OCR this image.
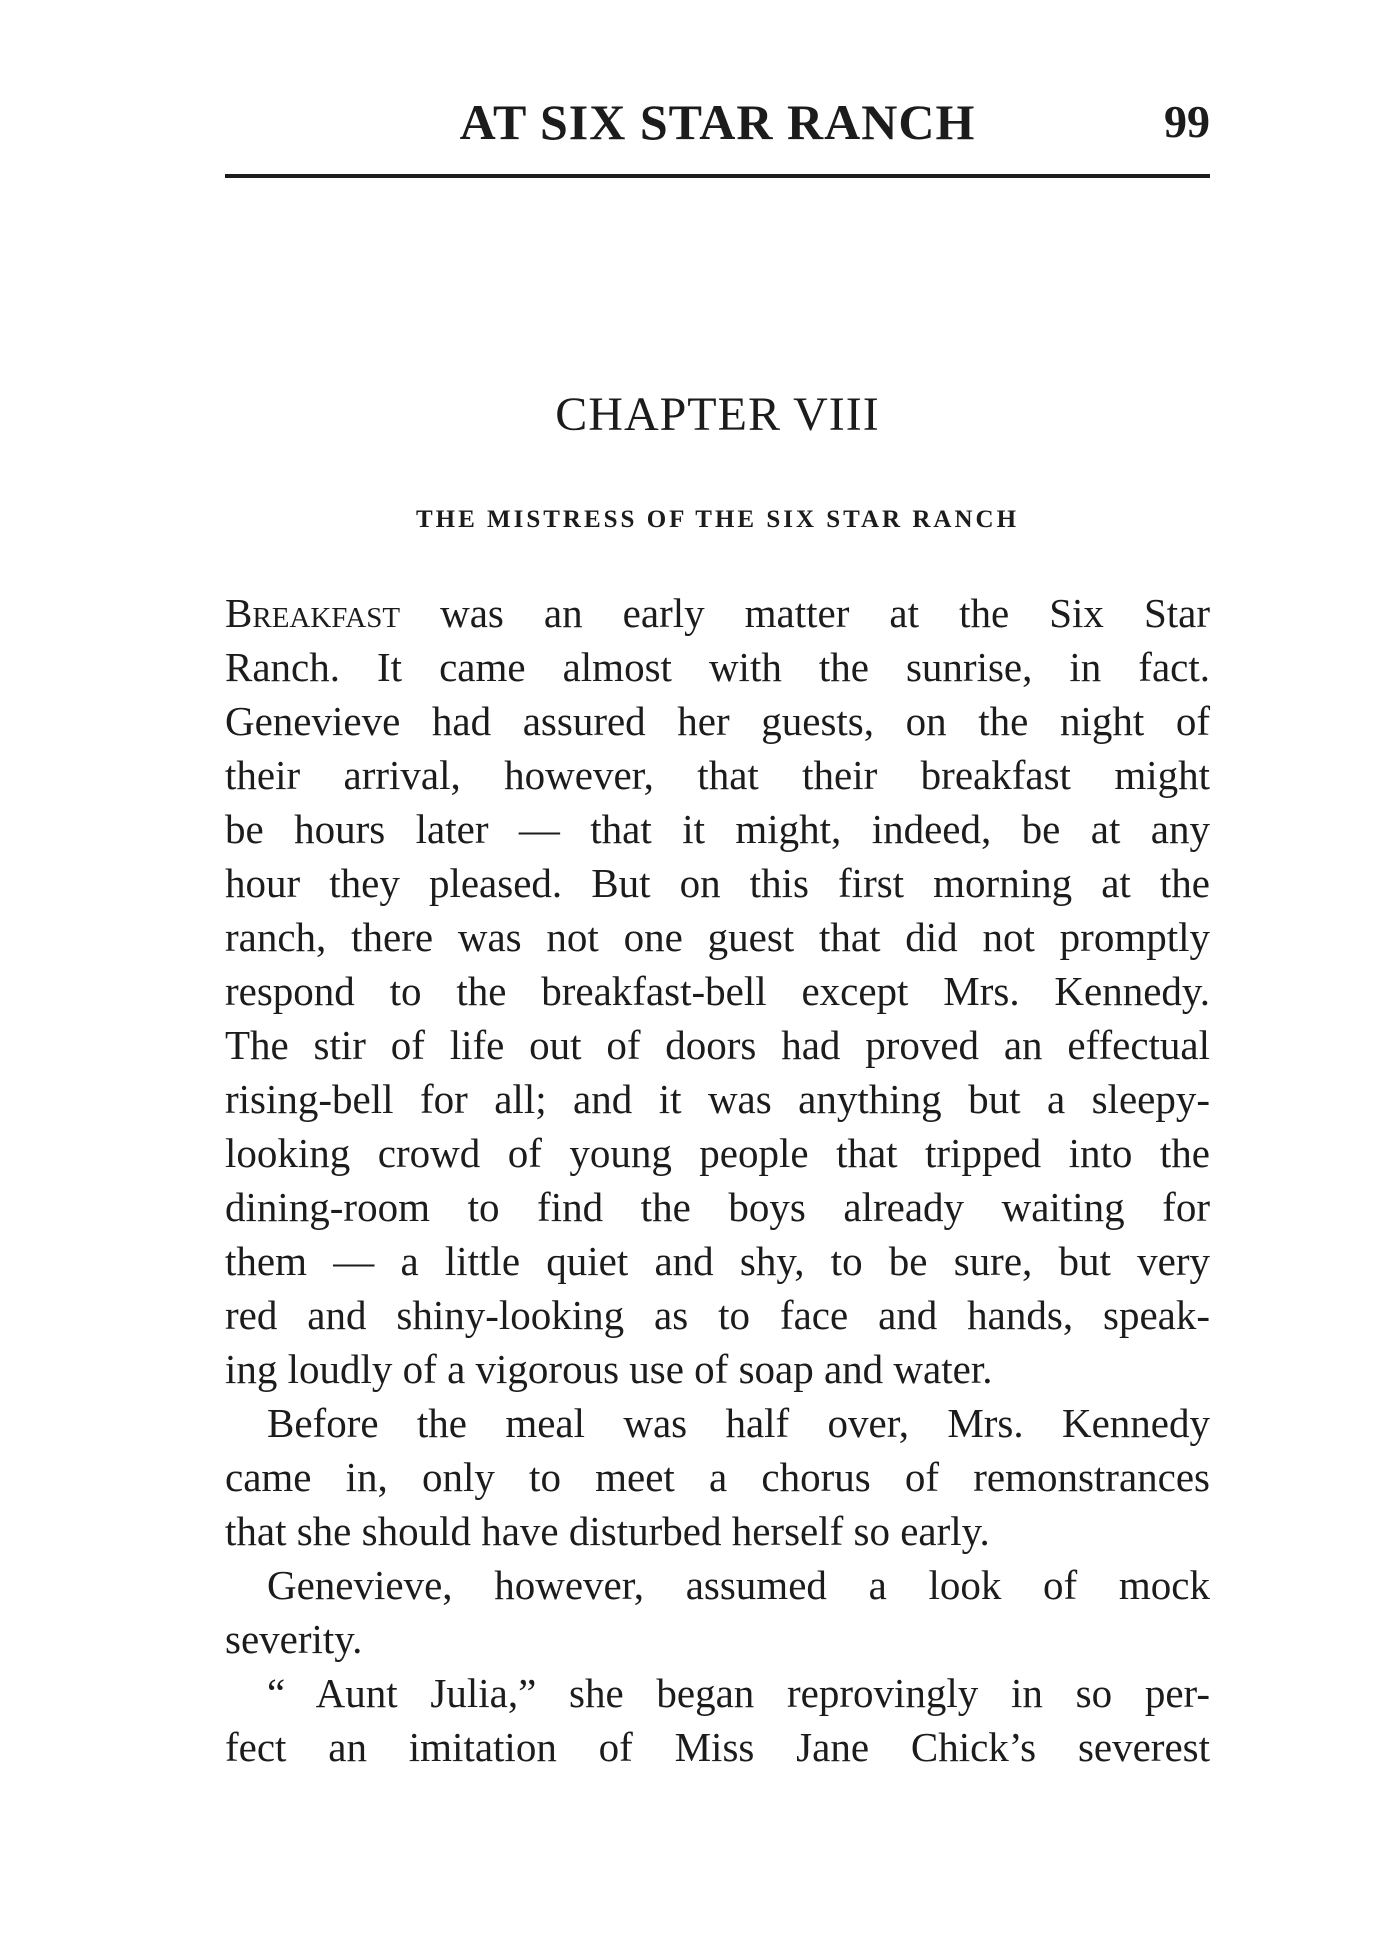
AT SIX STAR RANCH	99
CHAPTER VIII
THE MISTRESS OF THE SIX STAR RANCH
Breakfast was an early matter at the Six Star
Ranch. It came almost with the sunrise, in fact.
Genevieve had assured her guests, on the night of
their arrival, however, that their breakfast might
be hours later — that it might, indeed, be at any
hour they pleased. But on this first morning at the
ranch, there was not one guest that did not promptly
respond to the breakfast-bell except Mrs. Kennedy.
The stir of life out of doors had proved an effectual
rising-bell for all; and it was anything but a sleepy-
looking crowd of young people that tripped into the
dining-room to find the boys already waiting for
them — a little quiet and shy, to be sure, but very
red and shiny-looking as to face and hands, speak-
ing loudly of a vigorous use of soap and water.
Before the meal was half over, Mrs. Kennedy
came in, only to meet a chorus of remonstrances
that she should have disturbed herself so early.
Genevieve, however, assumed a look of mock
severity.
“ Aunt Julia,” she began reprovingly in so per-
fect an imitation of Miss Jane Chick’s severest
